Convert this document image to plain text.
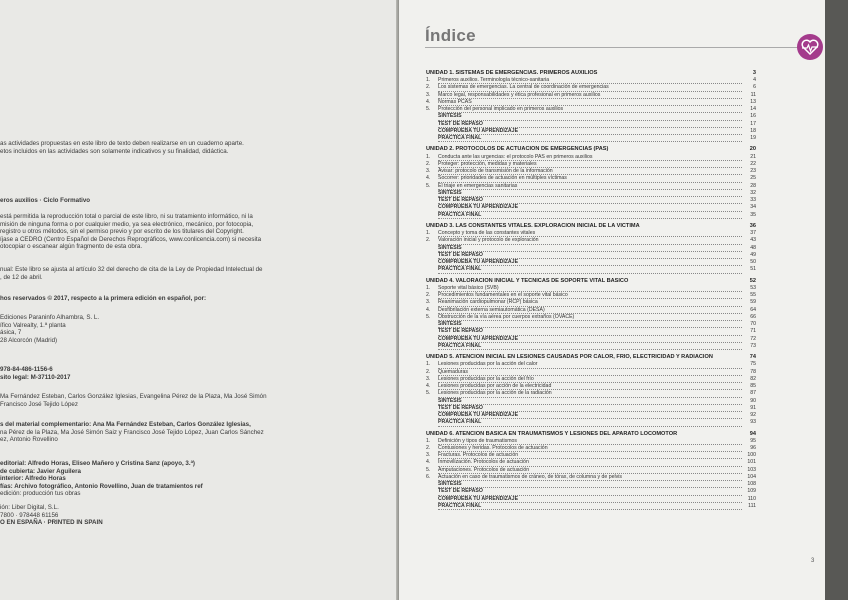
as actividades propuestas en este libro de texto deben realizarse en un cuaderno aparte.
etos incluidos en las actividades son solamente indicativos y su finalidad, didáctica.
eros auxilios · Ciclo Formativo
está permitida la reproducción total o parcial de este libro, ni su tratamiento informático, ni la
misión de ninguna forma o por cualquier medio, ya sea electrónico, mecánico, por fotocopia,
registro u otros métodos, sin el permiso previo y por escrito de los titulares del Copyright.
íjase a CEDRO (Centro Español de Derechos Reprográficos, www.conlicencia.com) si necesita
otocopiar o escanear algún fragmento de esta obra.
nual: Este libro se ajusta al artículo 32 del derecho de cita de la Ley de Propiedad Intelectual de
, de 12 de abril.
hos reservados © 2017, respecto a la primera edición en español, por:
Ediciones Paraninfo Alhambra, S. L.
ífico Valrealty, 1.ª planta
ásica, 7
28 Alcorcón (Madrid)
978-84-486-1156-6
sito legal: M-37110-2017
Ma Fernández Esteban, Carlos González Iglesias, Evangelina Pérez de la Plaza, Ma José Simón
Francisco José Tejido López
s del material complementario: Ana Ma Fernández Esteban, Carlos González Iglesias,
na Pérez de la Plaza, Ma José Simón Saiz y Francisco José Tejido López, Juan Carlos Sánchez
ez, Antonio Rovellino
editorial: Alfredo Horas, Eliseo Mañero y Cristina Sanz (apoyo, 3.ª)
de cubierta: Javier Aguilera
interior: Alfredo Horas
fías: Archivo fotográfico, Antonio Rovellino, Juan de tratamientos ref
edición: producción tus obras
ión: Liber Digital, S.L.
7800 · 978448 61156
O EN ESPAÑA · PRINTED IN SPAIN
Índice
UNIDAD 1. SISTEMAS DE EMERGENCIAS. PRIMEROS AUXILIOS	3
1.	Primeros auxilios. Terminología técnico-sanitaria	4
2.	Los sistemas de emergencias. La central de coordinación de emergencias	6
3.	Marco legal, responsabilidades y ética profesional en primeros auxilios	11
4.	Normas PCAS	13
5.	Protección del personal implicado en primeros auxilios	14
SÍNTESIS	16
TEST DE REPASO	17
COMPRUEBA TU APRENDIZAJE	18
PRÁCTICA FINAL	19
UNIDAD 2. PROTOCOLOS DE ACTUACIÓN DE EMERGENCIAS (PAS)	20
1.	Conducta ante las urgencias: el protocolo PAS en primeros auxilios	21
2.	Proteger: protección, medidas y materiales	22
3.	Avisar: protocolo de transmisión de la información	23
4.	Socorrer: prioridades de actuación en múltiples víctimas	25
5.	El triaje en emergencias sanitarias	28
SÍNTESIS	32
TEST DE REPASO	33
COMPRUEBA TU APRENDIZAJE	34
PRÁCTICA FINAL	35
UNIDAD 3. LAS CONSTANTES VITALES. EXPLORACIÓN INICIAL DE LA VÍCTIMA	36
1.	Concepto y toma de las constantes vitales	37
2.	Valoración inicial y protocolo de exploración	43
SÍNTESIS	48
TEST DE REPASO	49
COMPRUEBA TU APRENDIZAJE	50
PRÁCTICA FINAL	51
UNIDAD 4. VALORACIÓN INICIAL Y TÉCNICAS DE SOPORTE VITAL BÁSICO	52
1.	Soporte vital básico (SVB)	53
2.	Procedimientos fundamentales en el soporte vital básico	55
3.	Reanimación cardiopulmonar (RCP) básica	59
4.	Desfibrilación externa semiautomática (DESA)	64
5.	Obstrucción de la vía aérea por cuerpos extraños (OVACE)	66
SÍNTESIS	70
TEST DE REPASO	71
COMPRUEBA TU APRENDIZAJE	72
PRÁCTICA FINAL	73
UNIDAD 5. ATENCIÓN INICIAL EN LESIONES CAUSADAS POR CALOR, FRÍO, ELECTRICIDAD Y RADIACIÓN	74
1.	Lesiones producidas por la acción del calor	75
2.	Quemaduras	78
3.	Lesiones producidas por la acción del frío	82
4.	Lesiones producidas por acción de la electricidad	85
5.	Lesiones producidas por la acción de la radiación	87
SÍNTESIS	90
TEST DE REPASO	91
COMPRUEBA TU APRENDIZAJE	92
PRÁCTICA FINAL	93
UNIDAD 6. ATENCIÓN BÁSICA EN TRAUMATISMOS Y LESIONES DEL APARATO LOCOMOTOR	94
1.	Definición y tipos de traumatismos	95
2.	Contusiones y heridas. Protocolos de actuación	96
3.	Fracturas. Protocolos de actuación	100
4.	Inmovilización. Protocolos de actuación	101
5.	Amputaciones. Protocolos de actuación	103
6.	Actuación en caso de traumatismos de cráneo, de tórax, de columna y de pelvis	104
SÍNTESIS	108
TEST DE REPASO	109
COMPRUEBA TU APRENDIZAJE	110
PRÁCTICA FINAL	111
3
